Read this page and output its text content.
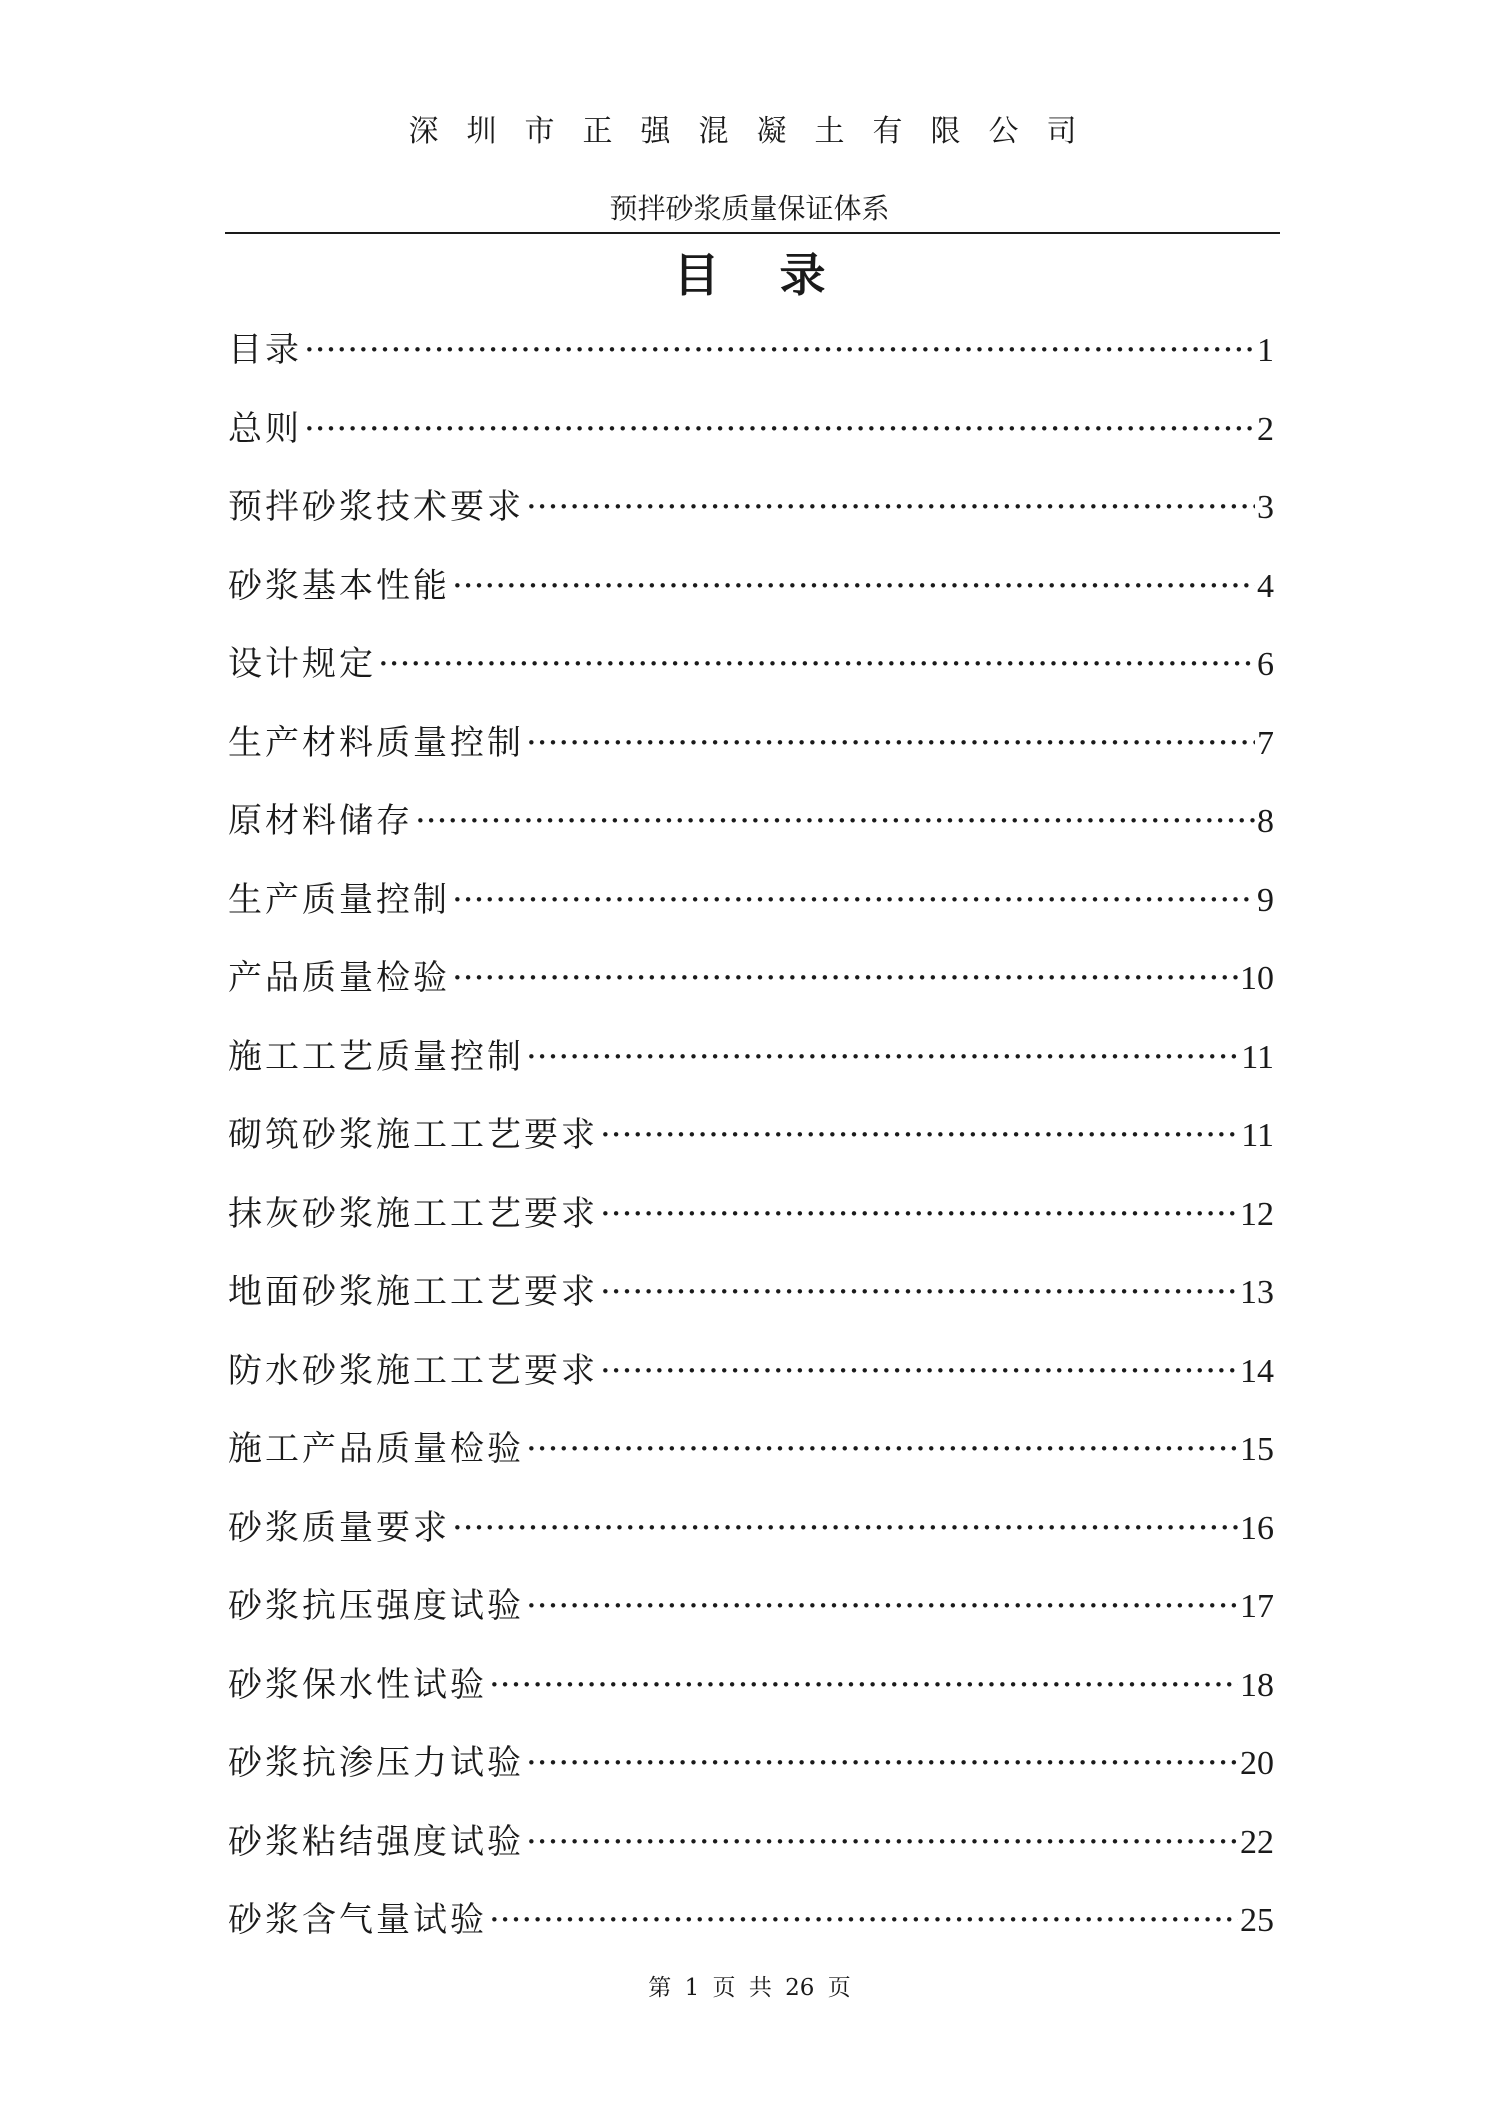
深圳市正强混凝土有限公司
预拌砂浆质量保证体系
目录
目录 ·····	1
总则 ·····	2
预拌砂浆技术要求 ·····	3
砂浆基本性能 ·····	4
设计规定 ·····	6
生产材料质量控制 ·····	7
原材料储存 ·····	8
生产质量控制 ·····	9
产品质量检验 ·····	10
施工工艺质量控制 ·····	11
砌筑砂浆施工工艺要求 ·····	11
抹灰砂浆施工工艺要求 ·····	12
地面砂浆施工工艺要求 ·····	13
防水砂浆施工工艺要求 ·····	14
施工产品质量检验 ·····	15
砂浆质量要求 ·····	16
砂浆抗压强度试验 ·····	17
砂浆保水性试验 ·····	18
砂浆抗渗压力试验 ·····	20
砂浆粘结强度试验 ·····	22
砂浆含气量试验 ·····	25
第 1 页 共 26 页
